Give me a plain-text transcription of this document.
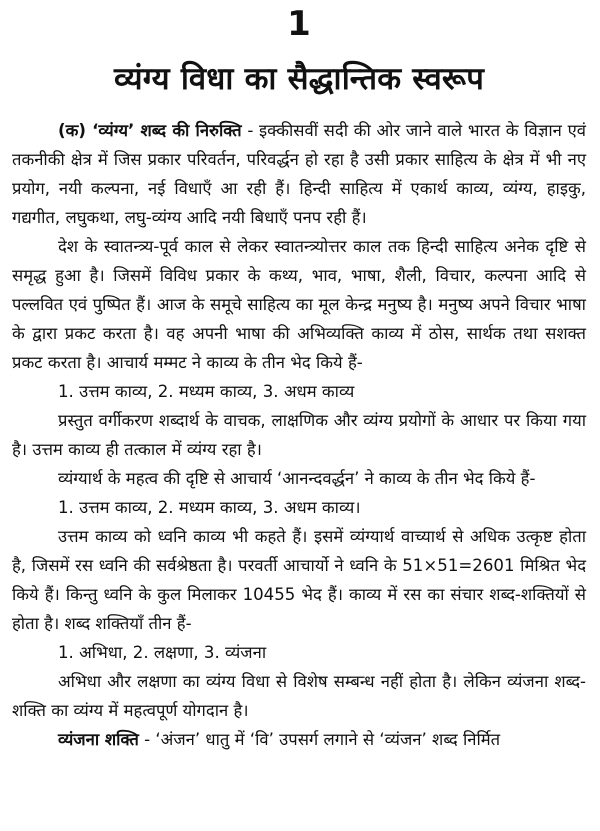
1
व्यंग्य विधा का सैद्धान्तिक स्वरूप

(क) ‘व्यंग्य’ शब्द की निरुक्ति - इक्कीसवीं सदी की ओर जाने वाले भारत के विज्ञान एवं तकनीकी क्षेत्र में जिस प्रकार परिवर्तन, परिवर्द्धन हो रहा है उसी प्रकार साहित्य के क्षेत्र में भी नए प्रयोग, नयी कल्पना, नई विधाएँ आ रही हैं। हिन्दी साहित्य में एकार्थ काव्य, व्यंग्य, हाइकु, गद्यगीत, लघुकथा, लघु-व्यंग्य आदि नयी बिधाएँ पनप रही हैं।

देश के स्वातन्त्र्य-पूर्व काल से लेकर स्वातन्त्र्योत्तर काल तक हिन्दी साहित्य अनेक दृष्टि से समृद्ध हुआ है। जिसमें विविध प्रकार के कथ्य, भाव, भाषा, शैली, विचार, कल्पना आदि से पल्लवित एवं पुष्पित हैं। आज के समूचे साहित्य का मूल केन्द्र मनुष्य है। मनुष्य अपने विचार भाषा के द्वारा प्रकट करता है। वह अपनी भाषा की अभिव्यक्ति काव्य में ठोस, सार्थक तथा सशक्त प्रकट करता है। आचार्य मम्मट ने काव्य के तीन भेद किये हैं-

1. उत्तम काव्य, 2. मध्यम काव्य, 3. अधम काव्य

प्रस्तुत वर्गीकरण शब्दार्थ के वाचक, लाक्षणिक और व्यंग्य प्रयोगों के आधार पर किया गया है। उत्तम काव्य ही तत्काल में व्यंग्य रहा है।

व्यंग्यार्थ के महत्व की दृष्टि से आचार्य ‘आनन्दवर्द्धन’ ने काव्य के तीन भेद किये हैं-

1. उत्तम काव्य, 2. मध्यम काव्य, 3. अधम काव्य।

उत्तम काव्य को ध्वनि काव्य भी कहते हैं। इसमें व्यंग्यार्थ वाच्यार्थ से अधिक उत्कृष्ट होता है, जिसमें रस ध्वनि की सर्वश्रेष्ठता है। परवर्ती आचार्यो ने ध्वनि के 51×51=2601 मिश्रित भेद किये हैं। किन्तु ध्वनि के कुल मिलाकर 10455 भेद हैं। काव्य में रस का संचार शब्द-शक्तियों से होता है। शब्द शक्तियाँ तीन हैं-

1. अभिधा, 2. लक्षणा, 3. व्यंजना

अभिधा और लक्षणा का व्यंग्य विधा से विशेष सम्बन्ध नहीं होता है। लेकिन व्यंजना शब्द-शक्ति का व्यंग्य में महत्वपूर्ण योगदान है।

व्यंजना शक्ति - ‘अंजन’ धातु में ‘वि’ उपसर्ग लगाने से ‘व्यंजन’ शब्द निर्मित
